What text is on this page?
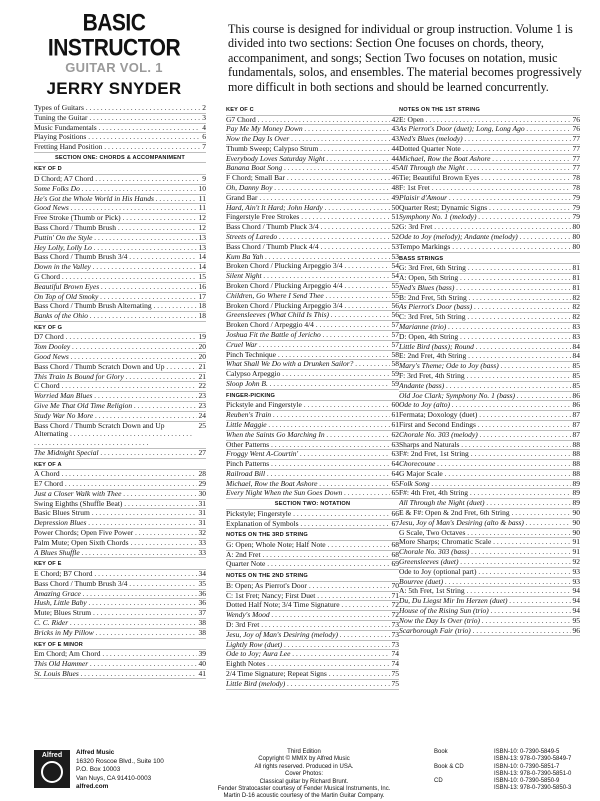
BASIC INSTRUCTOR
GUITAR VOL. 1
JERRY SNYDER
This course is designed for individual or group instruction. Volume 1 is divided into two sections: Section One focuses on chords, theory, accompaniment, and songs; Section Two focuses on notation, music fundamentals, solos, and ensembles. The material becomes progressively more difficult in both sections and should be learned concurrently.
Types of Guitars . . .	2
Tuning the Guitar . . .	3
Music Fundamentals . . .	4
Playing Positions . . .	6
Fretting Hand Position . . .	7
SECTION ONE: CHORDS & ACCOMPANIMENT
KEY OF D
D Chord; A7 Chord . . .	9
Some Folks Do . . .	10
He's Got the Whole World in His Hands . . .	11
Good News . . .	11
Free Stroke (Thumb or Pick) . . .	12
Bass Chord / Thumb Brush . . .	12
Puttin' On the Style . . .	13
Hey Lolly, Lolly Lo . . .	13
Bass Chord / Thumb Brush 3/4 . . .	14
Down in the Valley . . .	14
G Chord . . .	15
Beautiful Brown Eyes . . .	16
On Top of Old Smoky . . .	17
Bass Chord / Thumb Brush Alternating . . .	18
Banks of the Ohio . . .	18
KEY OF G
D7 Chord . . .	19
Tom Dooley . . .	20
Good News . . .	20
Bass Chord / Thumb Scratch Down and Up . . .	21
This Train Is Bound for Glory . . .	21
C Chord . . .	22
Worried Man Blues . . .	23
Give Me That Old Time Religion . . .	23
Study War No More . . .	24
Bass Chord / Thumb Scratch Down and Up Alternating . . .
25
The Midnight Special . . .	27
KEY OF A
A Chord . . .	28
E7 Chord . . .	29
Just a Closer Walk with Thee . . .	30
Swing Eighths (Shuffle Beat) . . .	31
Basic Blues Strum . . .	31
Depression Blues . . .	31
Power Chords; Open Five Power . . .	32
Palm Mute; Open Sixth Chords . . .	33
A Blues Shuffle . . .	33
KEY OF E
E Chord; B7 Chord . . .	34
Bass Chord / Thumb Brush 3/4 . . .	35
Amazing Grace . . .	36
Hush, Little Baby . . .	36
Mute; Blues Strum . . .	37
C. C. Rider . . .	38
Bricks in My Pillow . . .	38
KEY OF E MINOR
Em Chord; Am Chord . . .	39
This Old Hammer . . .	40
St. Louis Blues . . .	41
KEY OF C
G7 Chord . . .	42
Pay Me My Money Down . . .	43
Now the Day Is Over . . .	43
Thumb Sweep; Calypso Strum . . .	44
Everybody Loves Saturday Night . . .	44
Banana Boat Song . . .	45
F Chord; Small Bar . . .	46
Oh, Danny Boy . . .	48
Grand Bar . . .	49
Hard, Ain't It Hard; John Hardy . . .	50
Fingerstyle Free Strokes . . .	51
Bass Chord / Thumb Pluck 3/4 . . .	52
Streets of Laredo . . .	52
Bass Chord / Thumb Pluck 4/4 . . .	53
Kum Ba Yah . . .	53
Broken Chord / Plucking Arpeggio 3/4 . . .	54
Silent Night . . .	54
Broken Chord / Plucking Arpeggio 4/4 . . .	55
Children, Go Where I Send Thee . . .	55
Broken Chord / Plucking Arpeggio 3/4 . . .	56
Greensleeves (What Child Is This) . . .	56
Broken Chord / Arpeggio 4/4 . . .	57
Joshua Fit the Battle of Jericho . . .	57
Cruel War . . .	57
Pinch Technique . . .	58
What Shall We Do with a Drunken Sailor? . . .	58
Calypso Arpeggio . . .	59
Sloop John B. . . .	59
FINGER-PICKING
Pickstyle and Fingerstyle . . .	60
Reuben's Train . . .	61
Little Maggie . . .	61
When the Saints Go Marching In . . .	62
Other Patterns . . .	63
Froggy Went A-Courtin' . . .	63
Pinch Patterns . . .	64
Railroad Bill . . .	64
Michael, Row the Boat Ashore . . .	65
Every Night When the Sun Goes Down . . .	65
SECTION TWO: NOTATION
Pickstyle; Fingerstyle . . .	66
Explanation of Symbols . . .	67
NOTES ON THE 3RD STRING
G: Open; Whole Note; Half Note . . .	68
A: 2nd Fret . . .	68
Quarter Note . . .	69
NOTES ON THE 2ND STRING
B: Open; As Pierrot's Door . . .	70
C: 1st Fret; Nancy; First Duet . . .	71
Dotted Half Note; 3/4 Time Signature . . .	72
Wendy's Mood . . .	72
D: 3rd Fret . . .	73
Jesu, Joy of Man's Desiring (melody) . . .	73
Lightly Row (duet) . . .	73
Ode to Joy; Aura Lee . . .	74
Eighth Notes . . .	74
2/4 Time Signature; Repeat Signs . . .	75
Little Bird (melody) . . .	75
NOTES ON THE 1ST STRING
E: Open . . .	76
As Pierrot's Door (duet); Long, Long Ago . . .	76
Ned's Blues (melody) . . .	77
Dotted Quarter Note . . .	77
Michael, Row the Boat Ashore . . .	77
All Through the Night . . .	77
Tie; Beautiful Brown Eyes . . .	78
F: 1st Fret . . .	78
Plaisir d'Amour . . .	79
Quarter Rest; Dynamic Signs . . .	79
Symphony No. 1 (melody) . . .	79
G: 3rd Fret . . .	80
Ode to Joy (melody); Andante (melody) . . .	80
Tempo Markings . . .	80
BASS STRINGS
G: 3rd Fret, 6th String . . .	81
A: Open, 5th String . . .	81
Ned's Blues (bass) . . .	81
B: 2nd Fret, 5th String . . .	82
As Pierrot's Door (bass) . . .	82
C: 3rd Fret, 5th String . . .	82
Marianne (trio) . . .	83
D: Open, 4th String . . .	83
Little Bird (bass); Round . . .	84
E: 2nd Fret, 4th String . . .	84
Mary's Theme; Ode to Joy (bass) . . .	85
F: 3rd Fret, 4th String . . .	85
Andante (bass) . . .	85
Old Joe Clark; Symphony No. 1 (bass) . . .	86
Ode to Joy (alto) . . .	86
Fermata; Doxology (duet) . . .	87
First and Second Endings . . .	87
Chorale No. 303 (melody) . . .	87
Sharps and Naturals . . .	88
F#: 2nd Fret, 1st String . . .	88
Chorecoune . . .	88
G Major Scale . . .	88
Folk Song . . .	89
F#: 4th Fret, 4th String . . .	89
All Through the Night (duet) . . .	89
E & F#: Open & 2nd Fret, 6th String . . .	90
Jesu, Joy of Man's Desiring (alto & bass) . . .	90
G Scale, Two Octaves . . .	90
More Sharps; Chromatic Scale . . .	91
Chorale No. 303 (bass) . . .	91
Greensleeves (duet) . . .	92
Ode to Joy (optional part) . . .	93
Bourree (duet) . . .	93
A: 5th Fret, 1st String . . .	94
Du, Du Liegst Mir Im Herzen (duet) . . .	94
House of the Rising Sun (trio) . . .	94
Now the Day Is Over (trio) . . .	95
Scarborough Fair (trio) . . .	96
Alfred	Alfred Music
16320 Roscoe Blvd., Suite 100
P.O. Box 10003
Van Nuys, CA 91410-0003
alfred.com
Third Edition
Copyright © MMIX by Alfred Music
All rights reserved. Produced in USA.
Cover Photos:
Classical guitar by Richard Brunt.
Fender Stratocaster courtesy of Fender Musical Instruments, Inc.
Martin D-16 acoustic courtesy of the Martin Guitar Company.
Book	ISBN-10: 0-7390-5849-5
ISBN-13: 978-0-7390-5849-7
Book & CD	ISBN-10: 0-7390-5851-7
ISBN-13: 978-0-7390-5851-0
CD	ISBN-10: 0-7390-5850-9
ISBN-13: 978-0-7390-5850-3
